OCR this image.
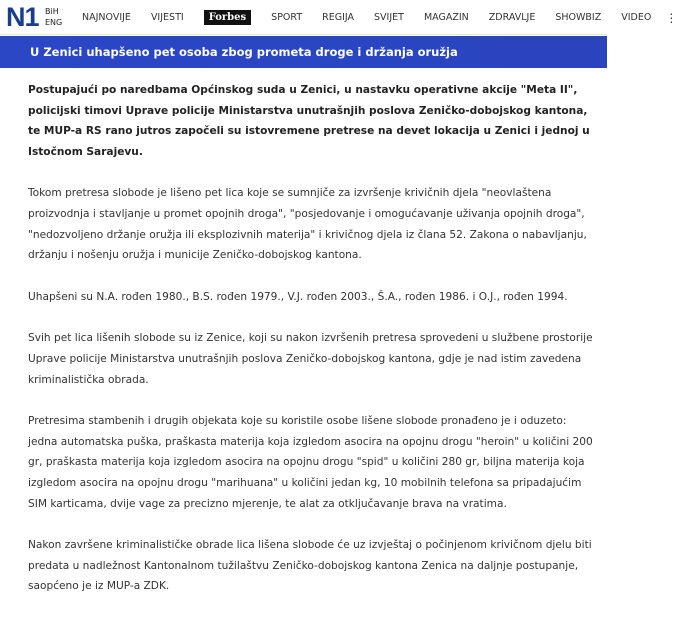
N1 BiH
ENG NAJNOVIJE VIJESTI	Forbes	SPORT REGIJA SVIJET MAGAZIN ZDRAVLJE SHOWBIZ VIDEO ⋮
U Zenici uhapšeno pet osoba zbog prometa droge i držanja oružja

Postupajući po naredbama Općinskog suda u Zenici, u nastavku operativne akcije "Meta II", policijski timovi Uprave policije Ministarstva unutrašnjih poslova Zeničko-dobojskog kantona, te MUP-a RS rano jutros započeli su istovremene pretrese na devet lokacija u Zenici i jednoj u Istočnom Sarajevu.

Tokom pretresa slobode je lišeno pet lica koje se sumnjiče za izvršenje krivičnih djela "neovlaštena proizvodnja i stavljanje u promet opojnih droga", "posjedovanje i omogućavanje uživanja opojnih droga", "nedozvoljeno držanje oružja ili eksplozivnih materija" i krivičnog djela iz člana 52. Zakona o nabavljanju, držanju i nošenju oružja i municije Zeničko-dobojskog kantona.

Uhapšeni su N.A. rođen 1980., B.S. rođen 1979., V.J. rođen 2003., Š.A., rođen 1986. i O.J., rođen 1994.

Svih pet lica lišenih slobode su iz Zenice, koji su nakon izvršenih pretresa sprovedeni u službene prostorije Uprave policije Ministarstva unutrašnjih poslova Zeničko-dobojskog kantona, gdje je nad istim zavedena kriminalistička obrada.

Pretresima stambenih i drugih objekata koje su koristile osobe lišene slobode pronađeno je i oduzeto: jedna automatska puška, praškasta materija koja izgledom asocira na opojnu drogu "heroin" u količini 200 gr, praškasta materija koja izgledom asocira na opojnu drogu "spid" u količini 280 gr, biljna materija koja izgledom asocira na opojnu drogu "marihuana" u količini jedan kg, 10 mobilnih telefona sa pripadajućim SIM karticama, dvije vage za precizno mjerenje, te alat za otključavanje brava na vratima.

Nakon završene kriminalističke obrade lica lišena slobode će uz izvještaj o počinjenom krivičnom djelu biti predata u nadležnost Kantonalnom tužilaštvu Zeničko-dobojskog kantona Zenica na daljnje postupanje, saopćeno je iz MUP-a ZDK.
